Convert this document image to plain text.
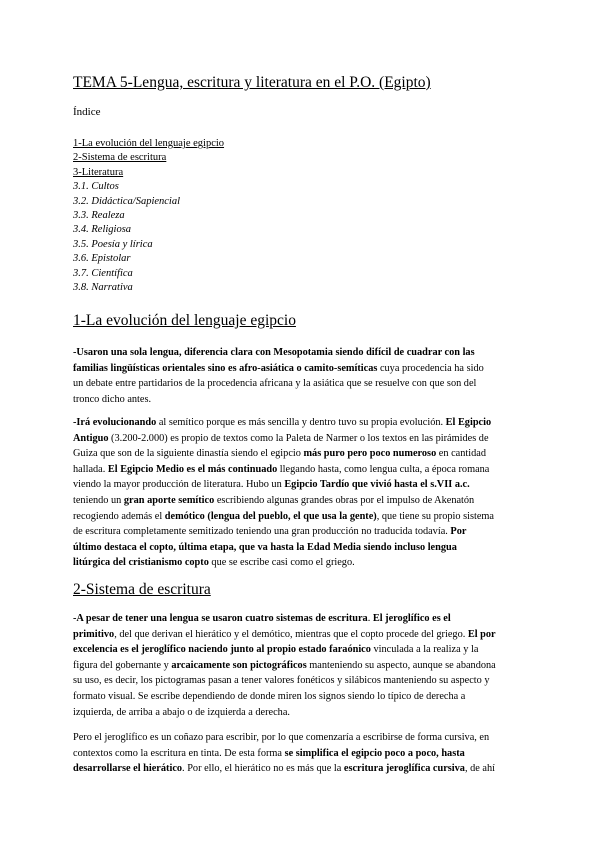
TEMA 5-Lengua, escritura y literatura en el P.O. (Egipto)
Índice
1-La evolución del lenguaje egipcio
2-Sistema de escritura
3-Literatura
3.1. Cultos
3.2. Didáctica/Sapiencial
3.3. Realeza
3.4. Religiosa
3.5. Poesía y lírica
3.6. Epistolar
3.7. Científica
3.8. Narrativa
1-La evolución del lenguaje egipcio
-Usaron una sola lengua, diferencia clara con Mesopotamia siendo difícil de cuadrar con las
familias lingüísticas orientales sino es afro-asiática o camito-semíticas cuya procedencia ha sido
un debate entre partidarios de la procedencia africana y la asiática que se resuelve con que son del
tronco dicho antes.
-Irá evolucionando al semítico porque es más sencilla y dentro tuvo su propia evolución. El Egipcio
Antiguo (3.200-2.000) es propio de textos como la Paleta de Narmer o los textos en las pirámides de
Guiza que son de la siguiente dinastía siendo el egipcio más puro pero poco numeroso en cantidad
hallada. El Egipcio Medio es el más continuado llegando hasta, como lengua culta, a época romana
viendo la mayor producción de literatura. Hubo un Egipcio Tardío que vivió hasta el s.VII a.c.
teniendo un gran aporte semítico escribiendo algunas grandes obras por el impulso de Akenatón
recogiendo además el demótico (lengua del pueblo, el que usa la gente), que tiene su propio sistema
de escritura completamente semitizado teniendo una gran producción no traducida todavía. Por
último destaca el copto, última etapa, que va hasta la Edad Media siendo incluso lengua
litúrgica del cristianismo copto que se escribe casi como el griego.
2-Sistema de escritura
-A pesar de tener una lengua se usaron cuatro sistemas de escritura. El jeroglífico es el
primitivo, del que derivan el hierático y el demótico, mientras que el copto procede del griego. El por
excelencia es el jeroglífico naciendo junto al propio estado faraónico vinculada a la realiza y la
figura del gobernante y arcaicamente son pictográficos manteniendo su aspecto, aunque se abandona
su uso, es decir, los pictogramas pasan a tener valores fonéticos y silábicos manteniendo su aspecto y
formato visual. Se escribe dependiendo de donde miren los signos siendo lo típico de derecha a
izquierda, de arriba a abajo o de izquierda a derecha.
Pero el jeroglífico es un coñazo para escribir, por lo que comenzaría a escribirse de forma cursiva, en
contextos como la escritura en tinta. De esta forma se simplifica el egipcio poco a poco, hasta
desarrollarse el hierático. Por ello, el hierático no es más que la escritura jeroglífica cursiva, de ahí
